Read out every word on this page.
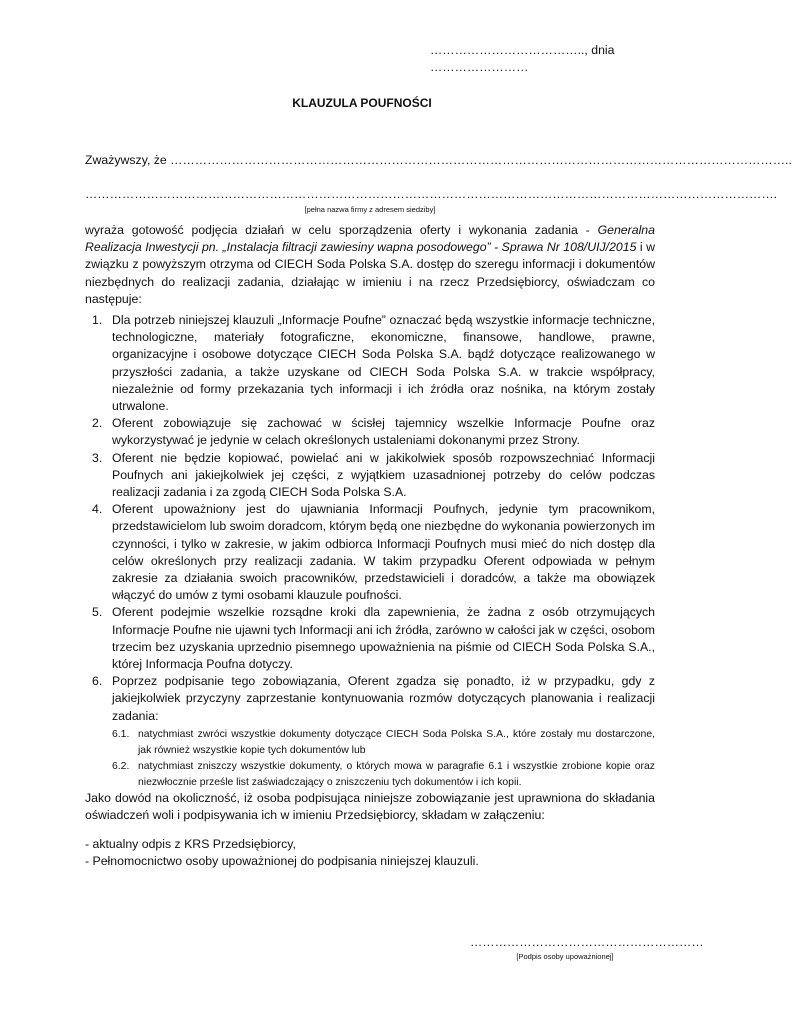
……………………………….., dnia ……………………
KLAUZULA POUFNOŚCI
Zważywszy, że ……………………………………………………………………………………………………………………………………..
…………………………………………………………………………………………………………………………………………………….
[pełna nazwa firmy z adresem siedziby]
wyraża gotowość podjęcia działań w celu sporządzenia oferty i wykonania zadania - Generalna Realizacja Inwestycji pn. „Instalacja filtracji zawiesiny wapna posodowego” - Sprawa Nr 108/UIJ/2015 i w związku z powyższym otrzyma od CIECH Soda Polska S.A. dostęp do szeregu informacji i dokumentów niezbędnych do realizacji zadania, działając w imieniu i na rzecz Przedsiębiorcy, oświadczam co następuje:
1. Dla potrzeb niniejszej klauzuli „Informacje Poufne” oznaczać będą wszystkie informacje techniczne, technologiczne, materiały fotograficzne, ekonomiczne, finansowe, handlowe, prawne, organizacyjne i osobowe dotyczące CIECH Soda Polska S.A. bądź dotyczące realizowanego w przyszłości zadania, a także uzyskane od CIECH Soda Polska S.A. w trakcie współpracy, niezależnie od formy przekazania tych informacji i ich źródła oraz nośnika, na którym zostały utrwalone.
2. Oferent zobowiązuje się zachować w ścisłej tajemnicy wszelkie Informacje Poufne oraz wykorzystywać je jedynie w celach określonych ustaleniami dokonanymi przez Strony.
3. Oferent nie będzie kopiować, powielać ani w jakikolwiek sposób rozpowszechniać Informacji Poufnych ani jakiejkolwiek jej części, z wyjątkiem uzasadnionej potrzeby do celów podczas realizacji zadania i za zgodą CIECH Soda Polska S.A.
4. Oferent upoważniony jest do ujawniania Informacji Poufnych, jedynie tym pracownikom, przedstawicielom lub swoim doradcom, którym będą one niezbędne do wykonania powierzonych im czynności, i tylko w zakresie, w jakim odbiorca Informacji Poufnych musi mieć do nich dostęp dla celów określonych przy realizacji zadania. W takim przypadku Oferent odpowiada w pełnym zakresie za działania swoich pracowników, przedstawicieli i doradców, a także ma obowiązek włączyć do umów z tymi osobami klauzule poufności.
5. Oferent podejmie wszelkie rozsądne kroki dla zapewnienia, że żadna z osób otrzymujących Informacje Poufne nie ujawni tych Informacji ani ich źródła, zarówno w całości jak w części, osobom trzecim bez uzyskania uprzednio pisemnego upoważnienia na piśmie od CIECH Soda Polska S.A., której Informacja Poufna dotyczy.
6. Poprzez podpisanie tego zobowiązania, Oferent zgadza się ponadto, iż w przypadku, gdy z jakiejkolwiek przyczyny zaprzestanie kontynuowania rozmów dotyczących planowania i realizacji zadania:
6.1. natychmiast zwróci wszystkie dokumenty dotyczące CIECH Soda Polska S.A., które zostały mu dostarczone, jak również wszystkie kopie tych dokumentów lub
6.2. natychmiast zniszczy wszystkie dokumenty, o których mowa w paragrafie 6.1 i wszystkie zrobione kopie oraz niezwłocznie prześle list zaświadczający o zniszczeniu tych dokumentów i ich kopii.
Jako dowód na okoliczność, iż osoba podpisująca niniejsze zobowiązanie jest uprawniona do składania oświadczeń woli i podpisywania ich w imieniu Przedsiębiorcy, składam w załączeniu:
- aktualny odpis z KRS Przedsiębiorcy,
- Pełnomocnictwo osoby upoważnionej do podpisania niniejszej klauzuli.
…………………………………………………
[Podpis osoby upoważnionej]
